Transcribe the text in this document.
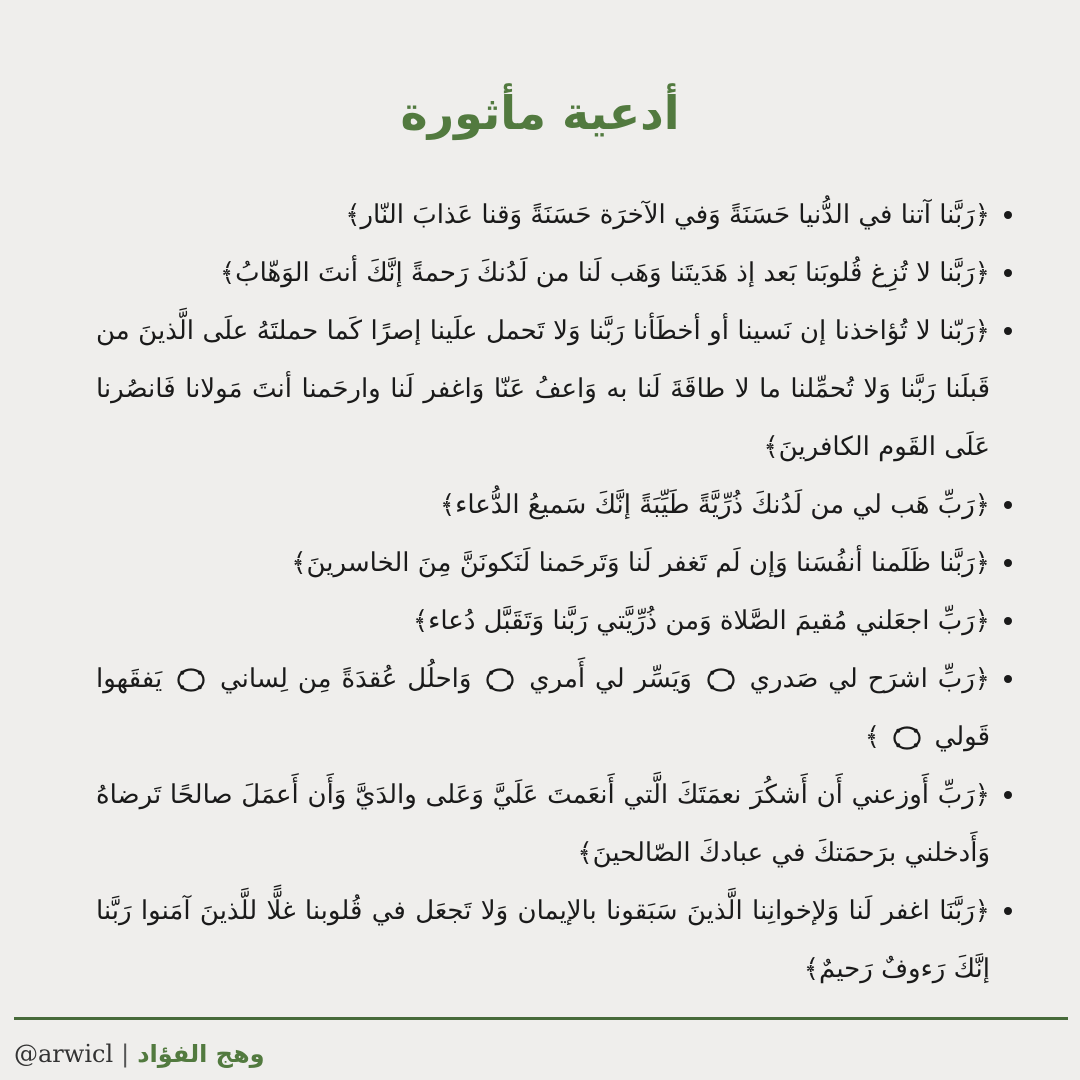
أدعية مأثورة
﴿رَبَّنا آتنا في الدُّنيا حَسَنَةً وَفي الآخرَة حَسَنَةً وَقنا عَذابَ النّار﴾
﴿رَبَّنا لا تُزِغ قُلوبَنا بَعد إذ هَدَيتَنا وَهَب لَنا من لَدُنكَ رَحمةً إنَّكَ أنتَ الوَهّابُ﴾
﴿رَبّنا لا تُؤاخذنا إن نَسينا أو أخطَأنا رَبَّنا وَلا تَحمل علَينا إصرًا كَما حملتَهُ علَى الَّذينَ من قَبلَنا رَبَّنا وَلا تُحمِّلنا ما لا طاقَةَ لَنا به وَاعفُ عَنّا وَاغفر لَنا وارحَمنا أنتَ مَولانا فَانصُرنا عَلَى القَوم الكافرينَ﴾
﴿رَبِّ هَب لي من لَدُنكَ ذُرِّيَّةً طَيِّبَةً إنَّكَ سَميعُ الدُّعاء﴾
﴿رَبَّنا ظَلَمنا أنفُسَنا وَإن لَم تَغفر لَنا وَتَرحَمنا لَنَكونَنَّ مِنَ الخاسرينَ﴾
﴿رَبِّ اجعَلني مُقيمَ الصَّلاة وَمن ذُرِّيَّتي رَبَّنا وَتَقَبَّل دُعاء﴾
﴿رَبِّ اشرَح لي صَدري  وَيَسِّر لي أَمري  وَاحلُل عُقدَةً مِن لِساني  يَفقَهوا قَولي  ﴾
﴿رَبِّ أَوزعني أَن أَشكُرَ نعمَتَكَ الَّتي أَنعَمتَ عَلَيَّ وَعَلى والدَيَّ وَأَن أَعمَلَ صالحًا تَرضاهُ وَأَدخلني برَحمَتكَ في عبادكَ الصّالحينَ﴾
﴿رَبَّنَا اغفر لَنا وَلإخوانِنا الَّذينَ سَبَقونا بالإيمان وَلا تَجعَل في قُلوبنا غلًّا للَّذينَ آمَنوا رَبَّنا إنَّكَ رَءوفٌ رَحيمٌ﴾
@arwicl | وهج الفؤاد
